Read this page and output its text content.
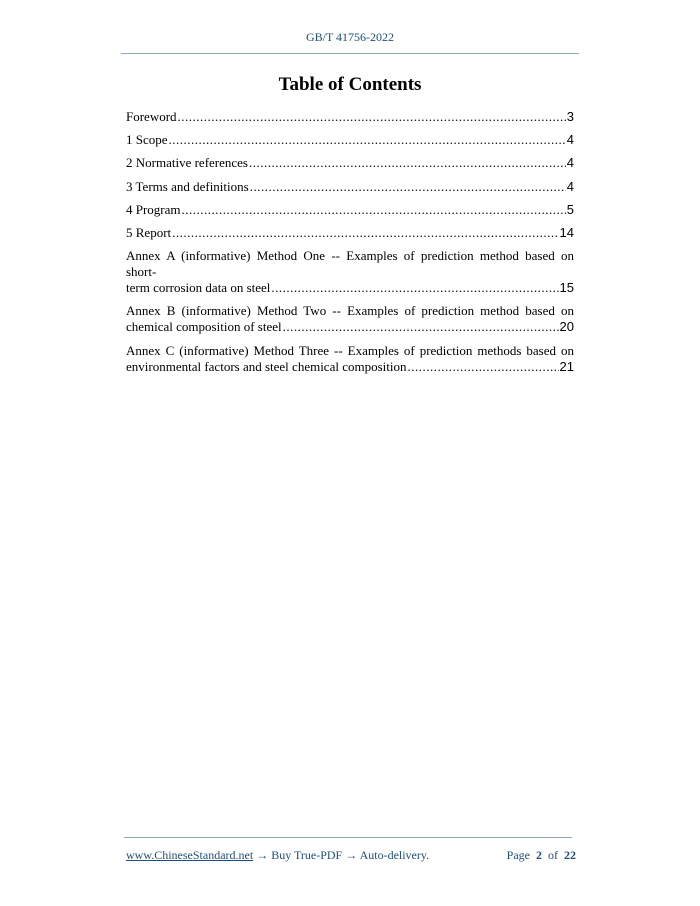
GB/T 41756-2022
Table of Contents
Foreword .....	3
1 Scope .....	4
2 Normative references .....	4
3 Terms and definitions .....	4
4 Program .....	5
5 Report .....	14
Annex A (informative) Method One -- Examples of prediction method based on short-
term corrosion data on steel .....	15
Annex B (informative) Method Two -- Examples of prediction method based on
chemical composition of steel .....	20
Annex C (informative) Method Three -- Examples of prediction methods based on
environmental factors and steel chemical composition .....	21
www.ChineseStandard.net → Buy True-PDF → Auto-delivery.	Page 2 of 22
